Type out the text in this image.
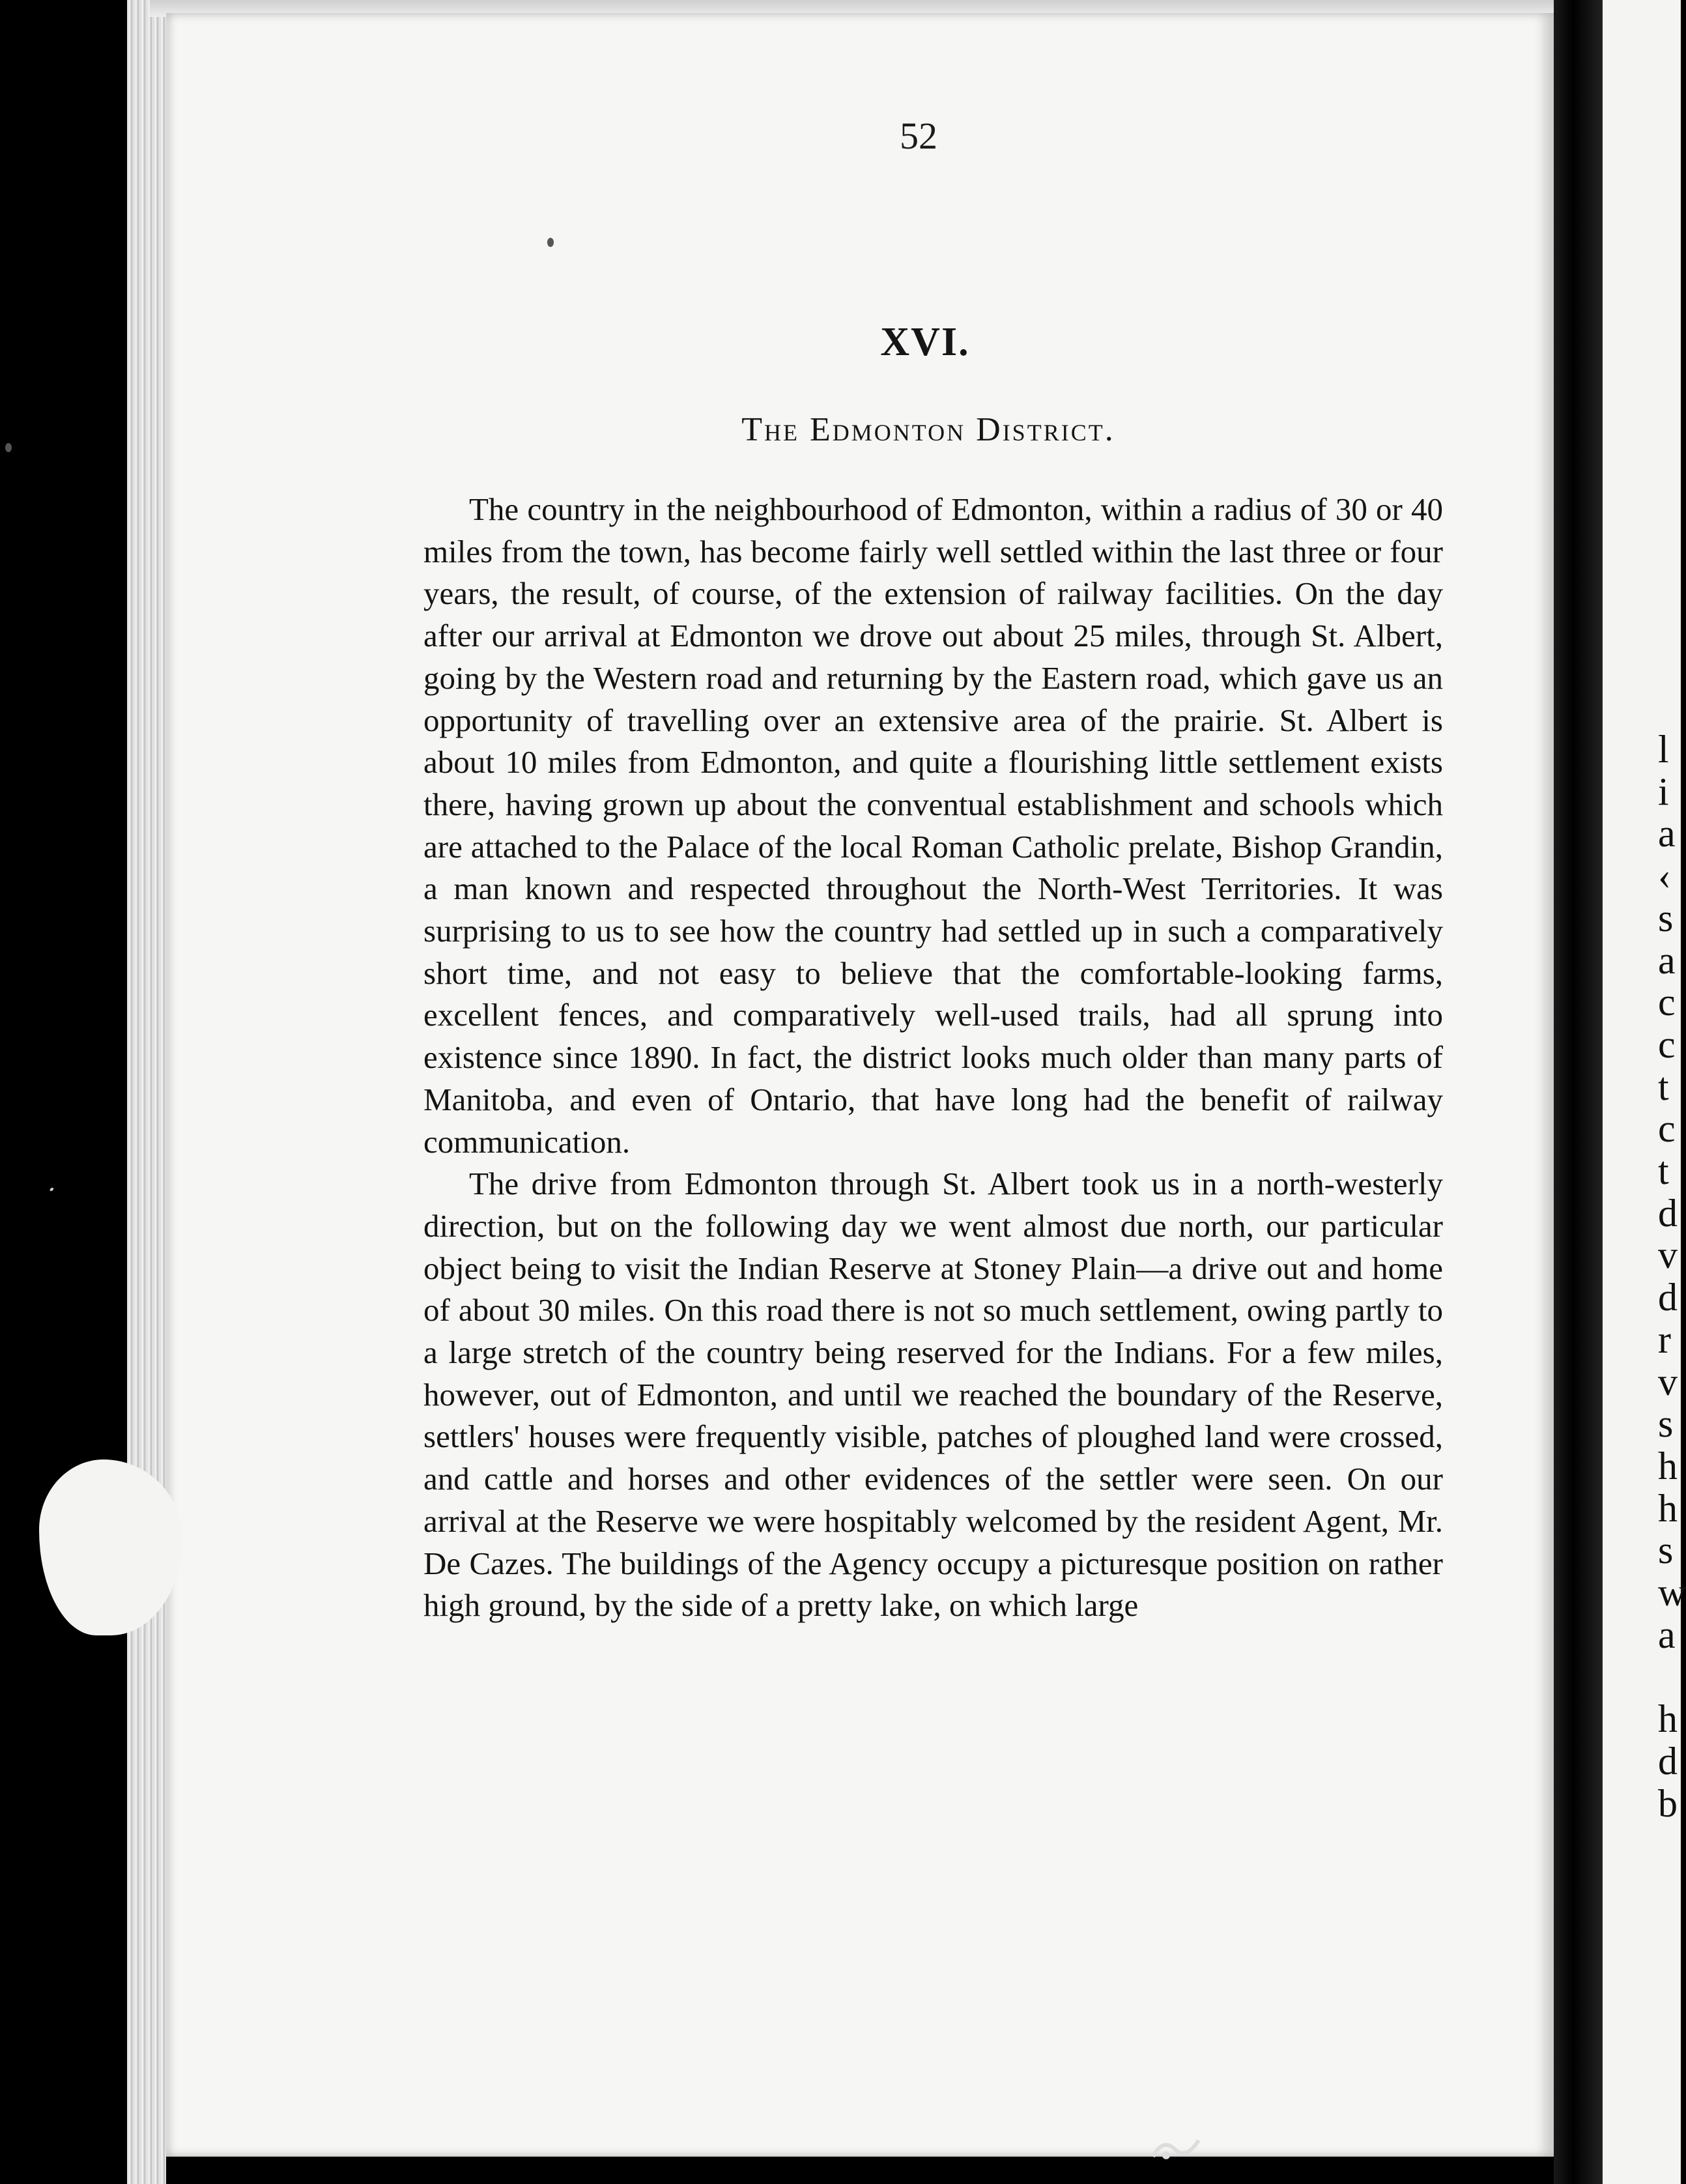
l
i
a
‹
s
a
c
c
t
c
t
d
v
d
r
v
s
h
h
s
w
a
h
d
b
·
52
XVI.
The Edmonton District.

The country in the neighbourhood of Edmonton, within a radius of 30 or 40 miles from the town, has become fairly well settled within the last three or four years, the result, of course, of the extension of railway facilities. On the day after our arrival at Edmonton we drove out about 25 miles, through St. Albert, going by the Western road and returning by the Eastern road, which gave us an opportunity of travelling over an extensive area of the prairie. St. Albert is about 10 miles from Edmonton, and quite a flourishing little settlement exists there, having grown up about the conventual establishment and schools which are attached to the Palace of the local Roman Catholic prelate, Bishop Grandin, a man known and respected throughout the North-West Territories. It was surprising to us to see how the country had settled up in such a comparatively short time, and not easy to believe that the comfortable-looking farms, excellent fences, and comparatively well-used trails, had all sprung into existence since 1890. In fact, the district looks much older than many parts of Manitoba, and even of Ontario, that have long had the benefit of railway communication.

The drive from Edmonton through St. Albert took us in a north-westerly direction, but on the following day we went almost due north, our particular object being to visit the Indian Reserve at Stoney Plain—a drive out and home of about 30 miles. On this road there is not so much settlement, owing partly to a large stretch of the country being reserved for the Indians. For a few miles, however, out of Edmonton, and until we reached the boundary of the Reserve, settlers' houses were frequently visible, patches of ploughed land were crossed, and cattle and horses and other evidences of the settler were seen. On our arrival at the Reserve we were hospitably welcomed by the resident Agent, Mr. De Cazes. The buildings of the Agency occupy a picturesque position on rather high ground, by the side of a pretty lake, on which large
